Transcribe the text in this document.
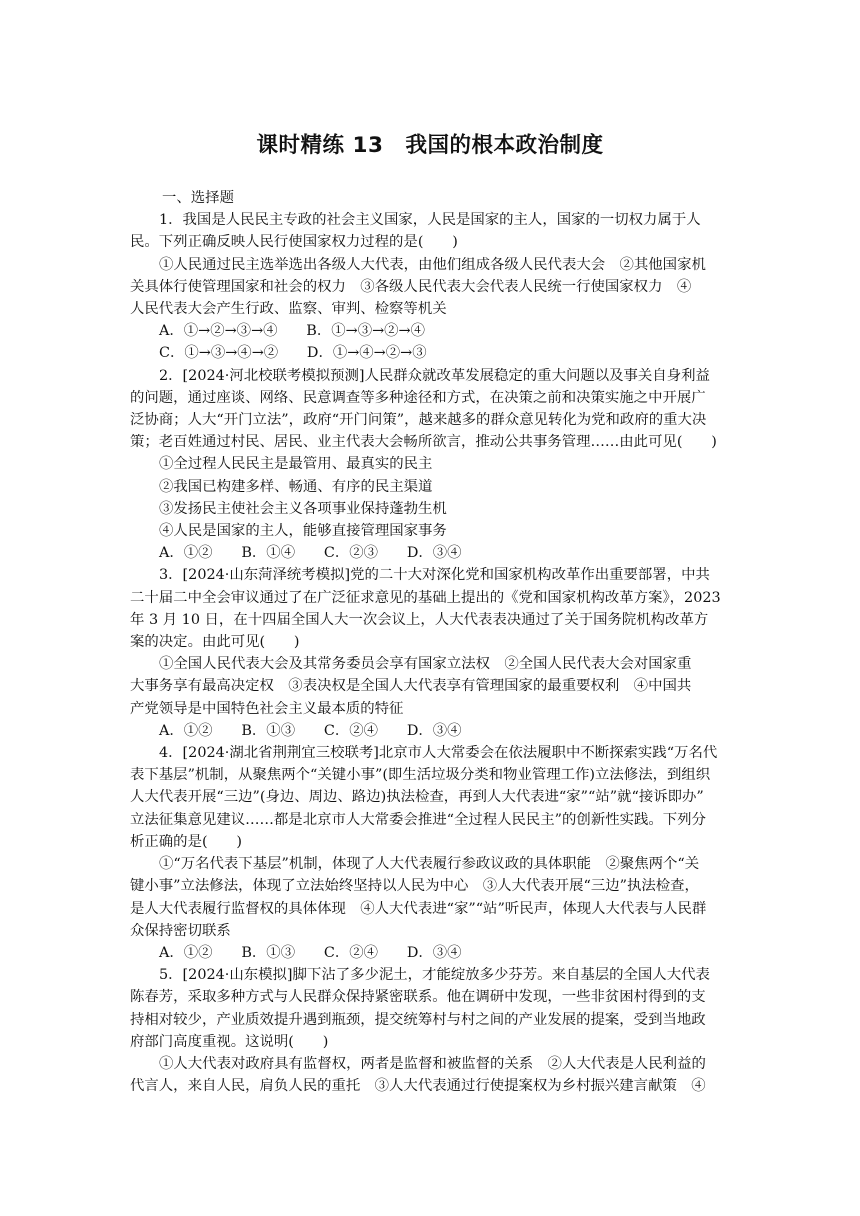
课时精练 13　我国的根本政治制度
一、选择题
1．我国是人民民主专政的社会主义国家，人民是国家的主人，国家的一切权力属于人
民。下列正确反映人民行使国家权力过程的是(　　)
①人民通过民主选举选出各级人大代表，由他们组成各级人民代表大会　②其他国家机
关具体行使管理国家和社会的权力　③各级人民代表大会代表人民统一行使国家权力　④
人民代表大会产生行政、监察、审判、检察等机关
A．①→②→③→④　　B．①→③→②→④
C．①→③→④→②　　D．①→④→②→③
2．[2024·河北校联考模拟预测]人民群众就改革发展稳定的重大问题以及事关自身利益
的问题，通过座谈、网络、民意调查等多种途径和方式，在决策之前和决策实施之中开展广
泛协商；人大“开门立法”，政府“开门问策”，越来越多的群众意见转化为党和政府的重大决
策；老百姓通过村民、居民、业主代表大会畅所欲言，推动公共事务管理……由此可见(　　)
①全过程人民民主是最管用、最真实的民主
②我国已构建多样、畅通、有序的民主渠道
③发扬民主使社会主义各项事业保持蓬勃生机
④人民是国家的主人，能够直接管理国家事务
A．①②　　B．①④　　C．②③　　D．③④
3．[2024·山东菏泽统考模拟]党的二十大对深化党和国家机构改革作出重要部署，中共
二十届二中全会审议通过了在广泛征求意见的基础上提出的《党和国家机构改革方案》，2023
年 3 月 10 日，在十四届全国人大一次会议上，人大代表表决通过了关于国务院机构改革方
案的决定。由此可见(　　)
①全国人民代表大会及其常务委员会享有国家立法权　②全国人民代表大会对国家重
大事务享有最高决定权　③表决权是全国人大代表享有管理国家的最重要权利　④中国共
产党领导是中国特色社会主义最本质的特征
A．①②　　B．①③　　C．②④　　D．③④
4．[2024·湖北省荆荆宜三校联考]北京市人大常委会在依法履职中不断探索实践“万名代
表下基层”机制，从聚焦两个“关键小事”(即生活垃圾分类和物业管理工作)立法修法，到组织
人大代表开展“三边”(身边、周边、路边)执法检查，再到人大代表进“家”“站”就“接诉即办”
立法征集意见建议……都是北京市人大常委会推进“全过程人民民主”的创新性实践。下列分
析正确的是(　　)
①“万名代表下基层”机制，体现了人大代表履行参政议政的具体职能　②聚焦两个“关
键小事”立法修法，体现了立法始终坚持以人民为中心　③人大代表开展“三边”执法检查，
是人大代表履行监督权的具体体现　④人大代表进“家”“站”听民声，体现人大代表与人民群
众保持密切联系
A．①②　　B．①③　　C．②④　　D．③④
5．[2024·山东模拟]脚下沾了多少泥土，才能绽放多少芬芳。来自基层的全国人大代表
陈春芳，采取多种方式与人民群众保持紧密联系。他在调研中发现，一些非贫困村得到的支
持相对较少，产业质效提升遇到瓶颈，提交统筹村与村之间的产业发展的提案，受到当地政
府部门高度重视。这说明(　　)
①人大代表对政府具有监督权，两者是监督和被监督的关系　②人大代表是人民利益的
代言人，来自人民，肩负人民的重托　③人大代表通过行使提案权为乡村振兴建言献策　④
